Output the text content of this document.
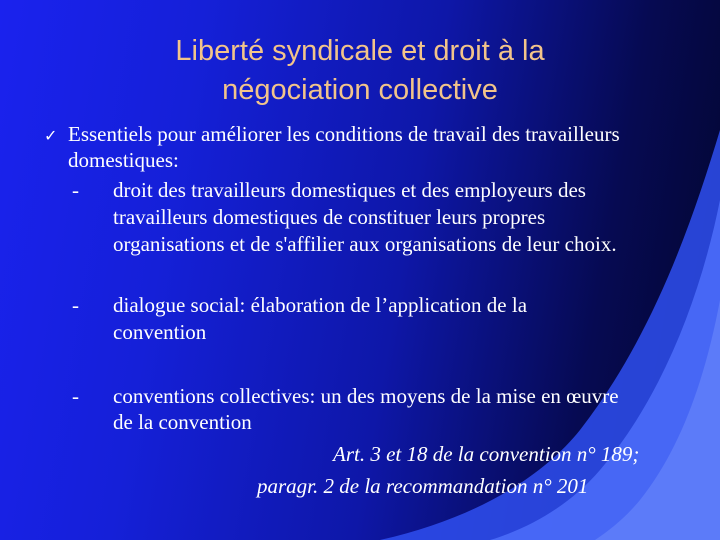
Liberté syndicale et droit à la
négociation collective
✓ Essentiels pour améliorer les conditions de travail des travailleurs
domestiques:
- droit des travailleurs domestiques et des employeurs des
travailleurs domestiques de constituer leurs propres
organisations et de s'affilier aux organisations de leur choix.
- dialogue social: élaboration de l’application de la
convention
- conventions collectives: un des moyens de la mise en œuvre
de la convention
Art. 3 et 18 de la convention n° 189;
paragr. 2 de la recommandation n° 201
